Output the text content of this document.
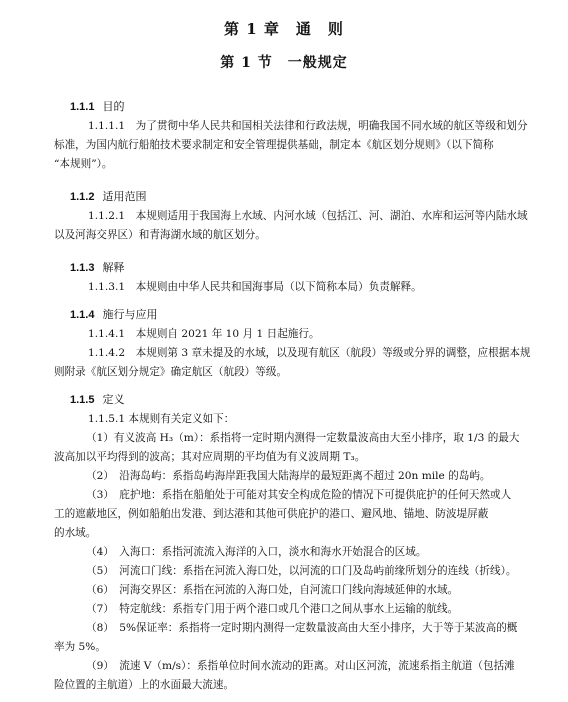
第 1 章　通　则
第 1 节　一般规定
1.1.1 目的
1.1.1.1　为了贯彻中华人民共和国相关法律和行政法规，明确我国不同水域的航区等级和划分
标准，为国内航行船舶技术要求制定和安全管理提供基础，制定本《航区划分规则》（以下简称
“本规则”）。
1.1.2 适用范围
1.1.2.1　本规则适用于我国海上水域、内河水域（包括江、河、湖泊、水库和运河等内陆水域
以及河海交界区）和青海湖水域的航区划分。
1.1.3 解释
1.1.3.1　本规则由中华人民共和国海事局（以下简称本局）负责解释。
1.1.4 施行与应用
1.1.4.1　本规则自 2021 年 10 月 1 日起施行。
1.1.4.2　本规则第 3 章未提及的水域，以及现有航区（航段）等级或分界的调整，应根据本规
则附录《航区划分规定》确定航区（航段）等级。
1.1.5 定义
1.1.5.1 本规则有关定义如下：
（1）有义波高 H₃（m）：系指将一定时期内测得一定数量波高由大至小排序，取 1/3 的最大
波高加以平均得到的波高；其对应周期的平均值为有义波周期 T₃。
（2）　沿海岛屿：系指岛屿海岸距我国大陆海岸的最短距离不超过 20n mile 的岛屿。
（3）　庇护地：系指在船舶处于可能对其安全构成危险的情况下可提供庇护的任何天然或人
工的遮蔽地区，例如船舶出发港、到达港和其他可供庇护的港口、避风地、锚地、防波堤屏蔽
的水域。
（4）　入海口：系指河流流入海洋的入口，淡水和海水开始混合的区域。
（5）　河流口门线：系指在河流入海口处，以河流的口门及岛屿前缘所划分的连线（折线）。
（6）　河海交界区：系指在河流的入海口处，自河流口门线向海域延伸的水域。
（7）　特定航线：系指专门用于两个港口或几个港口之间从事水上运输的航线。
（8）　5%保证率：系指将一定时期内测得一定数量波高由大至小排序，大于等于某波高的概
率为 5%。
（9）　流速 V（m/s）：系指单位时间水流动的距离。对山区河流，流速系指主航道（包括滩
险位置的主航道）上的水面最大流速。
